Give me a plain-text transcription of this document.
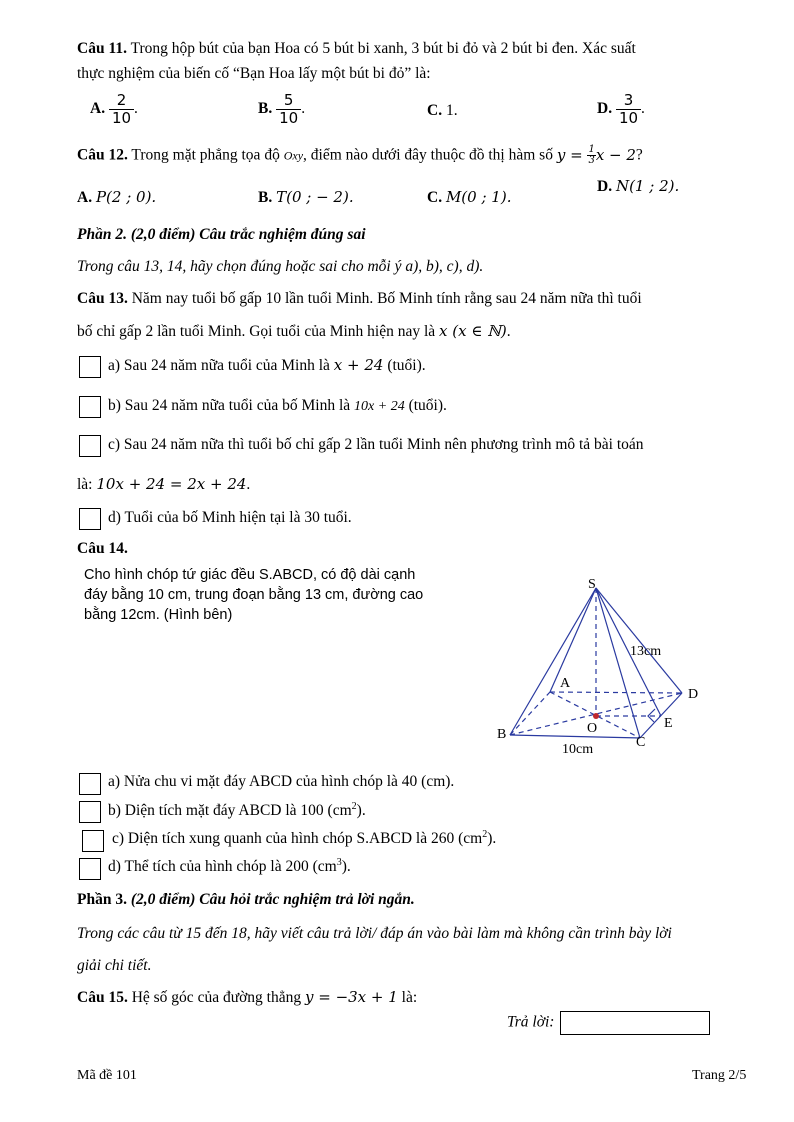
Câu 11. Trong hộp bút của bạn Hoa có 5 bút bi xanh, 3 bút bi đỏ và 2 bút bi đen. Xác suất
thực nghiệm của biến cố “Bạn Hoa lấy một bút bi đỏ” là:
A. $\frac{2}{10}$ .	B. $\frac{5}{10}$ .	C. 1.	D. $\frac{3}{10}$ .
Câu 12. Trong mặt phẳng tọa độ Oxy, điểm nào dưới đây thuộc đồ thị hàm số $y = \frac{1}{3}x - 2$?
A. P(2 ; 0).	B. T(0 ; − 2).	C. M(0 ; 1).
D. N(1 ; 2).
Phần 2. (2,0 điểm) Câu trắc nghiệm đúng sai
Trong câu 13, 14, hãy chọn đúng hoặc sai cho mỗi ý a), b), c), d).
Câu 13. Năm nay tuổi bố gấp 10 lần tuổi Minh. Bố Minh tính rằng sau 24 năm nữa thì tuổi
bố chỉ gấp 2 lần tuổi Minh. Gọi tuổi của Minh hiện nay là x (x ∈ ℕ).
a) Sau 24 năm nữa tuổi của Minh là x + 24 (tuổi).
b) Sau 24 năm nữa tuổi của bố Minh là 10x + 24 (tuổi).
c) Sau 24 năm nữa thì tuổi bố chỉ gấp 2 lần tuổi Minh nên phương trình mô tả bài toán
là: 10x + 24 = 2x + 24.
d) Tuổi của bố Minh hiện tại là 30 tuổi.
Câu 14.
Cho hình chóp tứ giác đều S.ABCD, có độ dài cạnh
đáy bằng 10 cm, trung đoạn bằng 13 cm, đường cao
bằng 12cm. (Hình bên)
S
A
B
C
D
O	E
13cm
10cm
a) Nửa chu vi mặt đáy ABCD của hình chóp là 40 (cm).
b) Diện tích mặt đáy ABCD là 100 $(cm^2)$.
c) Diện tích xung quanh của hình chóp S.ABCD là 260 $(cm^2)$.
d) Thể tích của hình chóp là 200 $(cm^3)$.
Phần 3. (2,0 điểm) Câu hỏi trắc nghiệm trả lời ngắn.
Trong các câu từ 15 đến 18, hãy viết câu trả lời/ đáp án vào bài làm mà không cần trình bày lời
giải chi tiết.
Câu 15. Hệ số góc của đường thẳng y = −3x + 1 là:
Trả lời:
Mã đề 101	Trang 2/5
